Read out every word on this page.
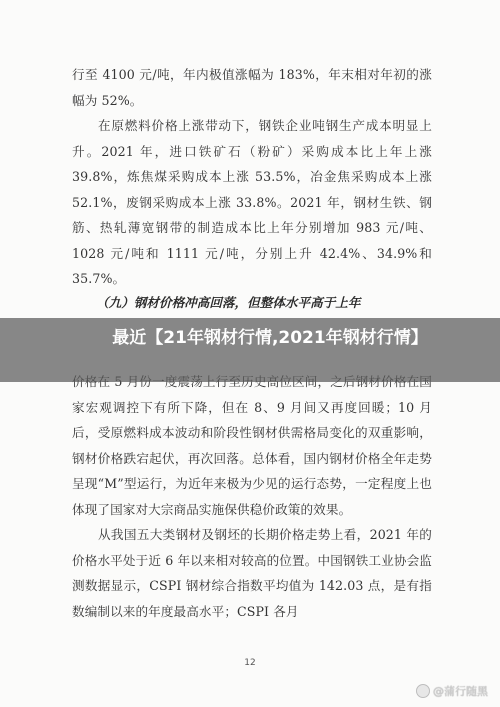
行至 4100 元/吨，年内极值涨幅为 183%，年末相对年初的涨幅为 52%。

在原燃料价格上涨带动下，钢铁企业吨钢生产成本明显上升。2021 年，进口铁矿石（粉矿）采购成本比上年上涨 39.8%，炼焦煤采购成本上涨 53.5%，冶金焦采购成本上涨 52.1%，废钢采购成本上涨 33.8%。2021 年，钢材生铁、钢筋、热轧薄宽钢带的制造成本比上年分别增加 983 元/吨、1028 元/吨和 1111 元/吨，分别上升 42.4%、34.9%和 35.7%。

（九）钢材价格冲高回落，但整体水平高于上年

家宏观调控下有所下降，但在 8、9 月间又再度回暖；10 月后，受原燃料成本波动和阶段性钢材供需格局变化的双重影响，钢材价格跌宕起伏，再次回落。总体看，国内钢材价格全年走势呈现“M”型运行，为近年来极为少见的运行态势，一定程度上也体现了国家对大宗商品实施保供稳价政策的效果。

从我国五大类钢材及钢坯的长期价格走势上看，2021 年的价格水平处于近 6 年以来相对较高的位置。中国钢铁工业协会监测数据显示，CSPI 钢材综合指数平均值为 142.03 点，是有指数编制以来的年度最高水平；CSPI 各月

12
最近【21年钢材行情,2021年钢材行情】
@蒲行随黑
